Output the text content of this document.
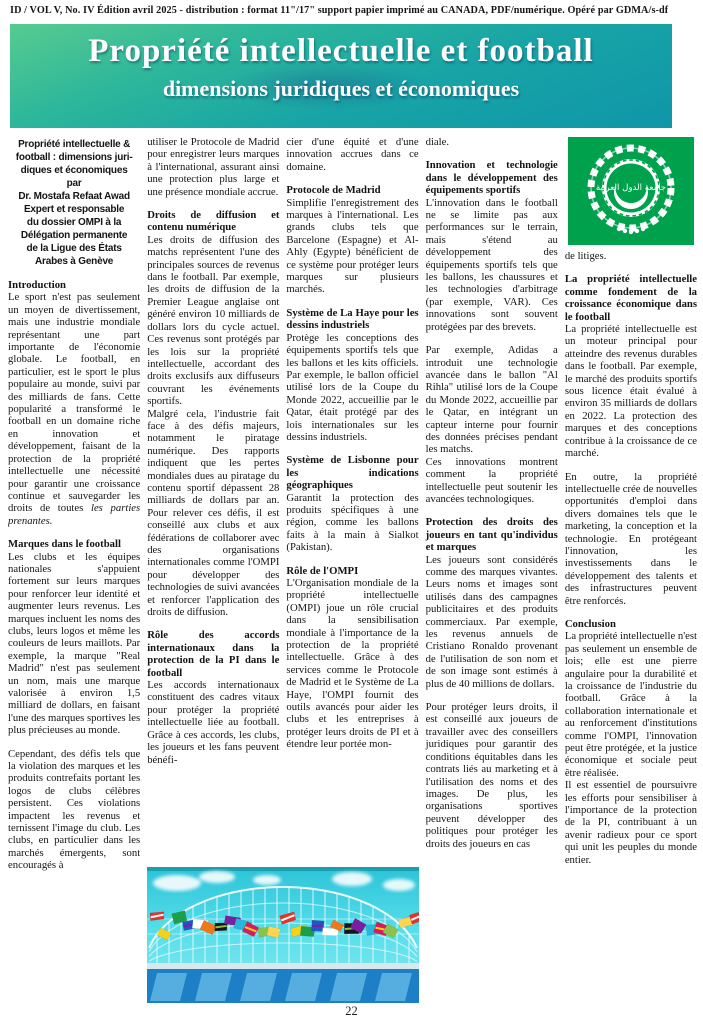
ID / VOL V, No. IV Édition avril 2025 - distribution : format 11"/17" support papier imprimé au CANADA, PDF/numérique. Opéré par GDMA/s-df
Propriété intellectuelle et football
dimensions juridiques et économiques
Propriété intellectuelle &
football : dimensions juri-
diques et économiques
par
Dr. Mostafa Refaat Awad
Expert et responsable
du dossier OMPI à la
Délégation permanente
de la Ligue des États
Arabes à Genève
Introduction
Le sport n'est pas seulement un moyen de divertissement, mais une industrie mondiale représentant une part importante de l'économie globale. Le football, en particulier, est le sport le plus populaire au monde, suivi par des milliards de fans. Cette popularité a transformé le football en un domaine riche en innovation et développement, faisant de la protection de la propriété intellectuelle une nécessité pour garantir une croissance continue et sauvegarder les droits de toutes les parties prenantes.
Marques dans le football
Les clubs et les équipes nationales s'appuient fortement sur leurs marques pour renforcer leur identité et augmenter leurs revenus. Les marques incluent les noms des clubs, leurs logos et même les couleurs de leurs maillots. Par exemple, la marque "Real Madrid" n'est pas seulement un nom, mais une marque valorisée à environ 1,5 milliard de dollars, en faisant l'une des marques sportives les plus précieuses au monde.
Cependant, des défis tels que la violation des marques et les produits contrefaits portant les logos de clubs célèbres persistent. Ces violations impactent les revenus et ternissent l'image du club. Les clubs, en particulier dans les marchés émergents, sont encouragés à
utiliser le Protocole de Madrid pour enregistrer leurs marques à l'international, assurant ainsi une protection plus large et une présence mondiale accrue.
Droits de diffusion et contenu numérique
Les droits de diffusion des matchs représentent l'une des principales sources de revenus dans le football. Par exemple, les droits de diffusion de la Premier League anglaise ont généré environ 10 milliards de dollars lors du cycle actuel. Ces revenus sont protégés par les lois sur la propriété intellectuelle, accordant des droits exclusifs aux diffuseurs couvrant les événements sportifs.
Malgré cela, l'industrie fait face à des défis majeurs, notamment le piratage numérique. Des rapports indiquent que les pertes mondiales dues au piratage du contenu sportif dépassent 28 milliards de dollars par an. Pour relever ces défis, il est conseillé aux clubs et aux fédérations de collaborer avec des organisations internationales comme l'OMPI pour développer des technologies de suivi avancées et renforcer l'application des droits de diffusion.
Rôle des accords internationaux dans la protection de la PI dans le football
Les accords internationaux constituent des cadres vitaux pour protéger la propriété intellectuelle liée au football. Grâce à ces accords, les clubs, les joueurs et les fans peuvent bénéfi-
cier d'une équité et d'une innovation accrues dans ce domaine.
Protocole de Madrid
Simplifie l'enregistrement des marques à l'international. Les grands clubs tels que Barcelone (Espagne) et Al-Ahly (Egypte) bénéficient de ce système pour protéger leurs marques sur plusieurs marchés.
Système de La Haye pour les dessins industriels
Protège les conceptions des équipements sportifs tels que les ballons et les kits officiels. Par exemple, le ballon officiel utilisé lors de la Coupe du Monde 2022, accueillie par le Qatar, était protégé par des lois internationales sur les dessins industriels.
Système de Lisbonne pour les indications géographiques
Garantit la protection des produits spécifiques à une région, comme les ballons faits à la main à Sialkot (Pakistan).
Rôle de l'OMPI
L'Organisation mondiale de la propriété intellectuelle (OMPI) joue un rôle crucial dans la sensibilisation mondiale à l'importance de la protection de la propriété intellectuelle. Grâce à des services comme le Protocole de Madrid et le Système de La Haye, l'OMPI fournit des outils avancés pour aider les clubs et les entreprises à protéger leurs droits de PI et à étendre leur portée mon-
diale.
Innovation et technologie dans le développement des équipements sportifs
L'innovation dans le football ne se limite pas aux performances sur le terrain, mais s'étend au développement des équipements sportifs tels que les ballons, les chaussures et les technologies d'arbitrage (par exemple, VAR). Ces innovations sont souvent protégées par des brevets.
Par exemple, Adidas a introduit une technologie avancée dans le ballon "Al Rihla" utilisé lors de la Coupe du Monde 2022, accueillie par le Qatar, en intégrant un capteur interne pour fournir des données précises pendant les matchs.
Ces innovations montrent comment la propriété intellectuelle peut soutenir les avancées technologiques.
Protection des droits des joueurs en tant qu'individus et marques
Les joueurs sont considérés comme des marques vivantes. Leurs noms et images sont utilisés dans des campagnes publicitaires et des produits commerciaux. Par exemple, les revenus annuels de Cristiano Ronaldo provenant de l'utilisation de son nom et de son image sont estimés à plus de 40 millions de dollars.
Pour protéger leurs droits, il est conseillé aux joueurs de travailler avec des conseillers juridiques pour garantir des conditions équitables dans les contrats liés au marketing et à l'utilisation des noms et des images. De plus, les organisations sportives peuvent développer des politiques pour protéger les droits des joueurs en cas
جامعة الدول العربية
de litiges.
La propriété intellectuelle comme fondement de la croissance économique dans le football
La propriété intellectuelle est un moteur principal pour atteindre des revenus durables dans le football. Par exemple, le marché des produits sportifs sous licence était évalué à environ 35 milliards de dollars en 2022. La protection des marques et des conceptions contribue à la croissance de ce marché.
En outre, la propriété intellectuelle crée de nouvelles opportunités d'emploi dans divers domaines tels que le marketing, la conception et la technologie. En protégeant l'innovation, les investissements dans le développement des talents et des infrastructures peuvent être renforcés.
Conclusion
La propriété intellectuelle n'est pas seulement un ensemble de lois; elle est une pierre angulaire pour la durabilité et la croissance de l'industrie du football. Grâce à la collaboration internationale et au renforcement d'institutions comme l'OMPI, l'innovation peut être protégée, et la justice économique et sociale peut être réalisée.
Il est essentiel de poursuivre les efforts pour sensibiliser à l'importance de la protection de la PI, contribuant à un avenir radieux pour ce sport qui unit les peuples du monde entier.
22
